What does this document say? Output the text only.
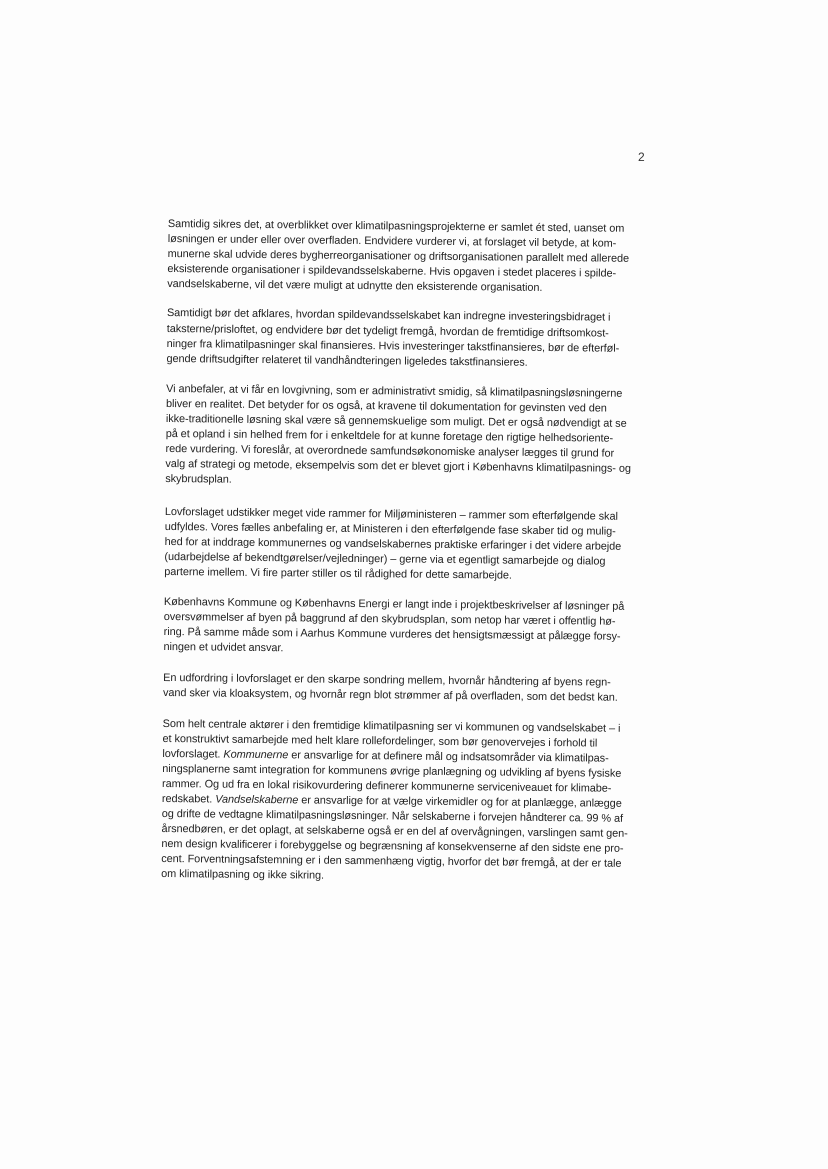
2
Samtidig sikres det, at overblikket over klimatilpasningsprojekterne er samlet ét sted, uanset om
løsningen er under eller over overfladen. Endvidere vurderer vi, at forslaget vil betyde, at kom-
munerne skal udvide deres bygherreorganisationer og driftsorganisationen parallelt med allerede
eksisterende organisationer i spildevandsselskaberne. Hvis opgaven i stedet placeres i spilde-
vandselskaberne, vil det være muligt at udnytte den eksisterende organisation.
Samtidigt bør det afklares, hvordan spildevandsselskabet kan indregne investeringsbidraget i
taksterne/prisloftet, og endvidere bør det tydeligt fremgå, hvordan de fremtidige driftsomkost-
ninger fra klimatilpasninger skal finansieres. Hvis investeringer takstfinansieres, bør de efterføl-
gende driftsudgifter relateret til vandhåndteringen ligeledes takstfinansieres.
Vi anbefaler, at vi får en lovgivning, som er administrativt smidig, så klimatilpasningsløsningerne
bliver en realitet. Det betyder for os også, at kravene til dokumentation for gevinsten ved den
ikke-traditionelle løsning skal være så gennemskuelige som muligt. Det er også nødvendigt at se
på et opland i sin helhed frem for i enkeltdele for at kunne foretage den rigtige helhedsoriente-
rede vurdering. Vi foreslår, at overordnede samfundsøkonomiske analyser lægges til grund for
valg af strategi og metode, eksempelvis som det er blevet gjort i Københavns klimatilpasnings- og
skybrudsplan.
Lovforslaget udstikker meget vide rammer for Miljøministeren – rammer som efterfølgende skal
udfyldes. Vores fælles anbefaling er, at Ministeren i den efterfølgende fase skaber tid og mulig-
hed for at inddrage kommunernes og vandselskabernes praktiske erfaringer i det videre arbejde
(udarbejdelse af bekendtgørelser/vejledninger) – gerne via et egentligt samarbejde og dialog
parterne imellem. Vi fire parter stiller os til rådighed for dette samarbejde.
Københavns Kommune og Københavns Energi er langt inde i projektbeskrivelser af løsninger på
oversvømmelser af byen på baggrund af den skybrudsplan, som netop har været i offentlig hø-
ring. På samme måde som i Aarhus Kommune vurderes det hensigtsmæssigt at pålægge forsy-
ningen et udvidet ansvar.
En udfordring i lovforslaget er den skarpe sondring mellem, hvornår håndtering af byens regn-
vand sker via kloaksystem, og hvornår regn blot strømmer af på overfladen, som det bedst kan.
Som helt centrale aktører i den fremtidige klimatilpasning ser vi kommunen og vandselskabet – i
et konstruktivt samarbejde med helt klare rollefordelinger, som bør genovervejes i forhold til
lovforslaget. Kommunerne er ansvarlige for at definere mål og indsatsområder via klimatilpas-
ningsplanerne samt integration for kommunens øvrige planlægning og udvikling af byens fysiske
rammer. Og ud fra en lokal risikovurdering definerer kommunerne serviceniveauet for klimabe-
redskabet. Vandselskaberne er ansvarlige for at vælge virkemidler og for at planlægge, anlægge
og drifte de vedtagne klimatilpasningsløsninger. Når selskaberne i forvejen håndterer ca. 99 % af
årsnedbøren, er det oplagt, at selskaberne også er en del af overvågningen, varslingen samt gen-
nem design kvalificerer i forebyggelse og begrænsning af konsekvenserne af den sidste ene pro-
cent. Forventningsafstemning er i den sammenhæng vigtig, hvorfor det bør fremgå, at der er tale
om klimatilpasning og ikke sikring.
